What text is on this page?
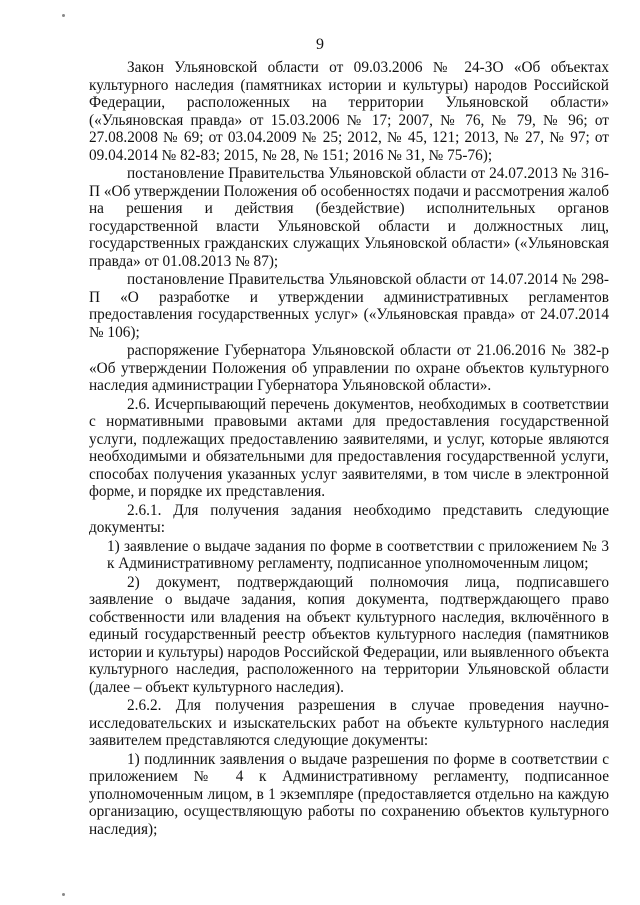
9

Закон Ульяновской области от 09.03.2006 № 24-ЗО «Об объектах культурного наследия (памятниках истории и культуры) народов Российской Федерации, расположенных на территории Ульяновской области» («Ульяновская правда» от 15.03.2006 № 17; 2007, № 76, № 79, № 96; от 27.08.2008 № 69; от 03.04.2009 № 25; 2012, № 45, 121; 2013, № 27, № 97; от 09.04.2014 № 82-83; 2015, № 28, № 151; 2016 № 31, № 75-76);

постановление Правительства Ульяновской области от 24.07.2013 № 316-П «Об утверждении Положения об особенностях подачи и рассмотрения жалоб на решения и действия (бездействие) исполнительных органов государственной власти Ульяновской области и должностных лиц, государственных гражданских служащих Ульяновской области» («Ульяновская правда» от 01.08.2013 № 87);

постановление Правительства Ульяновской области от 14.07.2014 № 298-П «О разработке и утверждении административных регламентов предоставления государственных услуг» («Ульяновская правда» от 24.07.2014 № 106);

распоряжение Губернатора Ульяновской области от 21.06.2016 № 382-р «Об утверждении Положения об управлении по охране объектов культурного наследия администрации Губернатора Ульяновской области».

2.6. Исчерпывающий перечень документов, необходимых в соответствии с нормативными правовыми актами для предоставления государственной услуги, подлежащих предоставлению заявителями, и услуг, которые являются необходимыми и обязательными для предоставления государственной услуги, способах получения указанных услуг заявителями, в том числе в электронной форме, и порядке их представления.

2.6.1. Для получения задания необходимо представить следующие документы:

1) заявление о выдаче задания по форме в соответствии с приложением № 3 к Административному регламенту, подписанное уполномоченным лицом;

2) документ, подтверждающий полномочия лица, подписавшего заявление о выдаче задания, копия документа, подтверждающего право собственности или владения на объект культурного наследия, включённого в единый государственный реестр объектов культурного наследия (памятников истории и культуры) народов Российской Федерации, или выявленного объекта культурного наследия, расположенного на территории Ульяновской области (далее – объект культурного наследия).

2.6.2. Для получения разрешения в случае проведения научно- исследовательских и изыскательских работ на объекте культурного наследия заявителем представляются следующие документы:

1) подлинник заявления о выдаче разрешения по форме в соответствии с приложением № 4 к Административному регламенту, подписанное уполномоченным лицом, в 1 экземпляре (предоставляется отдельно на каждую организацию, осуществляющую работы по сохранению объектов культурного наследия);
